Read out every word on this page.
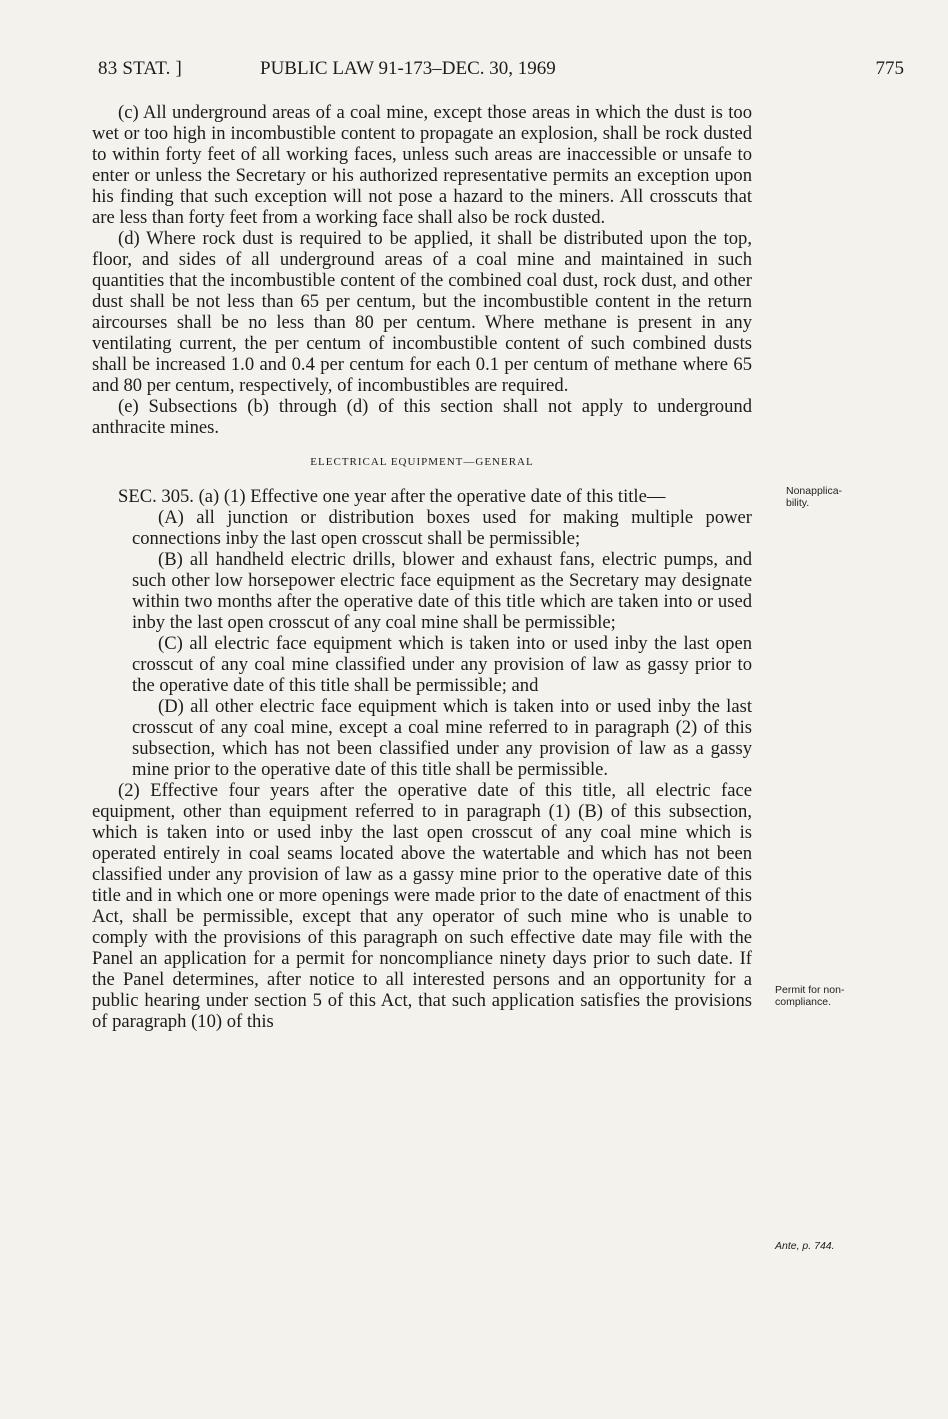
83 STAT. ]	PUBLIC LAW 91-173–DEC. 30, 1969	775

(c) All underground areas of a coal mine, except those areas in which the dust is too wet or too high in incombustible content to propagate an explosion, shall be rock dusted to within forty feet of all working faces, unless such areas are inaccessible or unsafe to enter or unless the Secretary or his authorized representative permits an exception upon his finding that such exception will not pose a hazard to the miners. All crosscuts that are less than forty feet from a working face shall also be rock dusted.

(d) Where rock dust is required to be applied, it shall be distributed upon the top, floor, and sides of all underground areas of a coal mine and maintained in such quantities that the incombustible content of the combined coal dust, rock dust, and other dust shall be not less than 65 per centum, but the incombustible content in the return aircourses shall be no less than 80 per centum. Where methane is present in any ventilating current, the per centum of incombustible content of such combined dusts shall be increased 1.0 and 0.4 per centum for each 0.1 per centum of methane where 65 and 80 per centum, respectively, of incombustibles are required.

(e) Subsections (b) through (d) of this section shall not apply to underground anthracite mines.

ELECTRICAL EQUIPMENT—GENERAL

SEC. 305. (a) (1) Effective one year after the operative date of this title—

(A) all junction or distribution boxes used for making multiple power connections inby the last open crosscut shall be permissible;

(B) all handheld electric drills, blower and exhaust fans, electric pumps, and such other low horsepower electric face equipment as the Secretary may designate within two months after the operative date of this title which are taken into or used inby the last open crosscut of any coal mine shall be permissible;

(C) all electric face equipment which is taken into or used inby the last open crosscut of any coal mine classified under any provision of law as gassy prior to the operative date of this title shall be permissible; and

(D) all other electric face equipment which is taken into or used inby the last crosscut of any coal mine, except a coal mine referred to in paragraph (2) of this subsection, which has not been classified under any provision of law as a gassy mine prior to the operative date of this title shall be permissible.

(2) Effective four years after the operative date of this title, all electric face equipment, other than equipment referred to in paragraph (1) (B) of this subsection, which is taken into or used inby the last open crosscut of any coal mine which is operated entirely in coal seams located above the watertable and which has not been classified under any provision of law as a gassy mine prior to the operative date of this title and in which one or more openings were made prior to the date of enactment of this Act, shall be permissible, except that any operator of such mine who is unable to comply with the provisions of this paragraph on such effective date may file with the Panel an application for a permit for noncompliance ninety days prior to such date. If the Panel determines, after notice to all interested persons and an opportunity for a public hearing under section 5 of this Act, that such application satisfies the provisions of paragraph (10) of this

Nonapplica-
bility.
Permit for non-
compliance.
Ante, p. 744.
